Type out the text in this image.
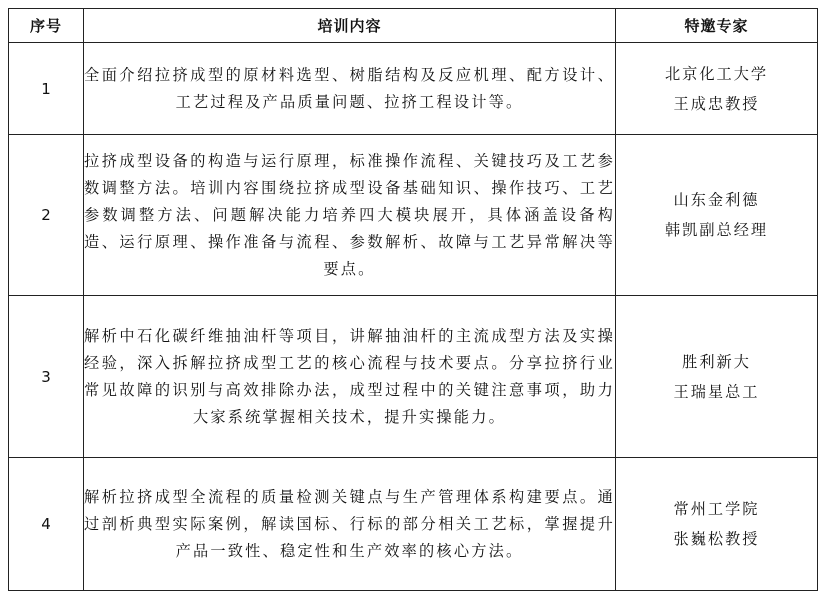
序号	培训内容	特邀专家
1	全面介绍拉挤成型的原材料选型、树脂结构及反应机理、配方设计、工艺过程及产品质量问题、拉挤工程设计等。	北京化工大学
王成忠教授

2	拉挤成型设备的构造与运行原理，标准操作流程、关键技巧及工艺参数调整方法。培训内容围绕拉挤成型设备基础知识、操作技巧、工艺参数调整方法、问题解决能力培养四大模块展开，具体涵盖设备构造、运行原理、操作准备与流程、参数解析、故障与工艺异常解决等要点。	山东金利德
韩凯副总经理

3	解析中石化碳纤维抽油杆等项目，讲解抽油杆的主流成型方法及实操经验，深入拆解拉挤成型工艺的核心流程与技术要点。分享拉挤行业常见故障的识别与高效排除办法，成型过程中的关键注意事项，助力大家系统掌握相关技术，提升实操能力。	胜利新大
王瑞星总工

4	解析拉挤成型全流程的质量检测关键点与生产管理体系构建要点。通过剖析典型实际案例，解读国标、行标的部分相关工艺标，掌握提升产品一致性、稳定性和生产效率的核心方法。	常州工学院
张巍松教授
